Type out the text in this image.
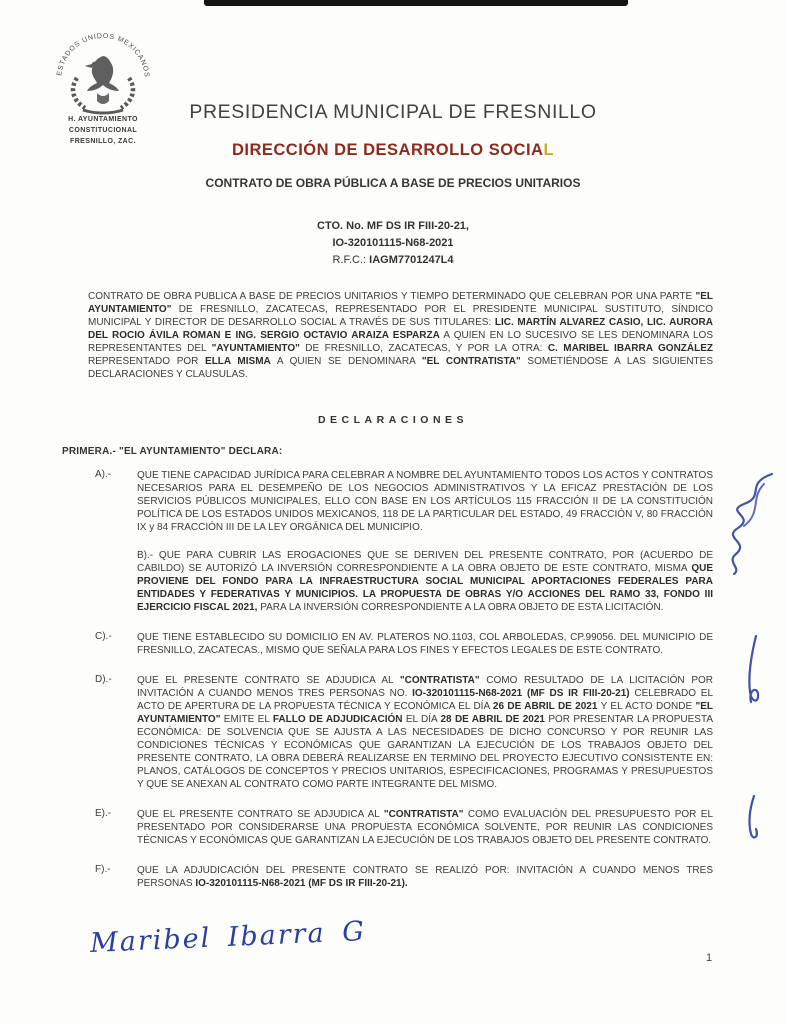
ESTADOS UNIDOS MEXICANOS
H. AYUNTAMIENTO
CONSTITUCIONAL
FRESNILLO, ZAC.
PRESIDENCIA MUNICIPAL DE FRESNILLO
DIRECCIÓN DE DESARROLLO SOCIAL
CONTRATO DE OBRA PÚBLICA A BASE DE PRECIOS UNITARIOS
CTO. No. MF DS IR FIII-20-21,
IO-320101115-N68-2021
R.F.C.: IAGM7701247L4

CONTRATO DE OBRA PUBLICA A BASE DE PRECIOS UNITARIOS Y TIEMPO DETERMINADO QUE CELEBRAN POR UNA PARTE "EL AYUNTAMIENTO" DE FRESNILLO, ZACATECAS, REPRESENTADO POR EL PRESIDENTE MUNICIPAL SUSTITUTO, SÍNDICO MUNICIPAL Y DIRECTOR DE DESARROLLO SOCIAL A TRAVÉS DE SUS TITULARES: LIC. MARTÍN ALVAREZ CASIO, LIC. AURORA DEL ROCIO ÁVILA ROMAN E ING. SERGIO OCTAVIO ARAIZA ESPARZA A QUIEN EN LO SUCESIVO SE LES DENOMINARA LOS REPRESENTANTES DEL "AYUNTAMIENTO" DE FRESNILLO, ZACATECAS, Y POR LA OTRA: C. MARIBEL IBARRA GONZÁLEZ REPRESENTADO POR ELLA MISMA A QUIEN SE DENOMINARA "EL CONTRATISTA" SOMETIÉNDOSE A LAS SIGUIENTES DECLARACIONES Y CLAUSULAS.

DECLARACIONES
PRIMERA.- "EL AYUNTAMIENTO" DECLARA:
A).-	QUE TIENE CAPACIDAD JURÍDICA PARA CELEBRAR A NOMBRE DEL AYUNTAMIENTO TODOS LOS ACTOS Y CONTRATOS NECESARIOS PARA EL DESEMPEÑO DE LOS NEGOCIOS ADMINISTRATIVOS Y LA EFICAZ PRESTACIÓN DE LOS SERVICIOS PÚBLICOS MUNICIPALES, ELLO CON BASE EN LOS ARTÍCULOS 115 FRACCIÓN II DE LA CONSTITUCIÓN POLÍTICA DE LOS ESTADOS UNIDOS MEXICANOS, 118 DE LA PARTICULAR DEL ESTADO, 49 FRACCIÓN V, 80 FRACCIÓN IX y 84 FRACCIÓN III DE LA LEY ORGÁNICA DEL MUNICIPIO.
B).- QUE PARA CUBRIR LAS EROGACIONES QUE SE DERIVEN DEL PRESENTE CONTRATO, POR (ACUERDO DE CABILDO) SE AUTORIZÓ LA INVERSIÓN CORRESPONDIENTE A LA OBRA OBJETO DE ESTE CONTRATO, MISMA QUE PROVIENE DEL FONDO PARA LA INFRAESTRUCTURA SOCIAL MUNICIPAL APORTACIONES FEDERALES PARA ENTIDADES Y FEDERATIVAS Y MUNICIPIOS. LA PROPUESTA DE OBRAS Y/O ACCIONES DEL RAMO 33, FONDO III EJERCICIO FISCAL 2021, PARA LA INVERSIÓN CORRESPONDIENTE A LA OBRA OBJETO DE ESTA LICITACIÓN.
C).-	QUE TIENE ESTABLECIDO SU DOMICILIO EN AV. PLATEROS NO.1103, COL ARBOLEDAS, CP.99056. DEL MUNICIPIO DE FRESNILLO, ZACATECAS., MISMO QUE SEÑALA PARA LOS FINES Y EFECTOS LEGALES DE ESTE CONTRATO.
D).-	QUE EL PRESENTE CONTRATO SE ADJUDICA AL "CONTRATISTA" COMO RESULTADO DE LA LICITACIÓN POR INVITACIÓN A CUANDO MENOS TRES PERSONAS NO. IO-320101115-N68-2021 (MF DS IR FIII-20-21) CELEBRADO EL ACTO DE APERTURA DE LA PROPUESTA TÉCNICA Y ECONÓMICA EL DÍA 26 DE ABRIL DE 2021 Y EL ACTO DONDE "EL AYUNTAMIENTO" EMITE EL FALLO DE ADJUDICACIÓN EL DÍA 28 DE ABRIL DE 2021 POR PRESENTAR LA PROPUESTA ECONÓMICA: DE SOLVENCIA QUE SE AJUSTA A LAS NECESIDADES DE DICHO CONCURSO Y POR REUNIR LAS CONDICIONES TÉCNICAS Y ECONÓMICAS QUE GARANTIZAN LA EJECUCIÓN DE LOS TRABAJOS OBJETO DEL PRESENTE CONTRATO, LA OBRA DEBERÁ REALIZARSE EN TERMINO DEL PROYECTO EJECUTIVO CONSISTENTE EN: PLANOS, CATÁLOGOS DE CONCEPTOS Y PRECIOS UNITARIOS, ESPECIFICACIONES, PROGRAMAS Y PRESUPUESTOS Y QUE SE ANEXAN AL CONTRATO COMO PARTE INTEGRANTE DEL MISMO.
E).-	QUE EL PRESENTE CONTRATO SE ADJUDICA AL "CONTRATISTA" COMO EVALUACIÓN DEL PRESUPUESTO POR EL PRESENTADO POR CONSIDERARSE UNA PROPUESTA ECONÓMICA SOLVENTE, POR REUNIR LAS CONDICIONES TÉCNICAS Y ECONÓMICAS QUE GARANTIZAN LA EJECUCIÓN DE LOS TRABAJOS OBJETO DEL PRESENTE CONTRATO.
F).-	QUE LA ADJUDICACIÓN DEL PRESENTE CONTRATO SE REALIZÓ POR: INVITACIÓN A CUANDO MENOS TRES PERSONAS IO-320101115-N68-2021 (MF DS IR FIII-20-21).
Maribel Ibarra G	1
